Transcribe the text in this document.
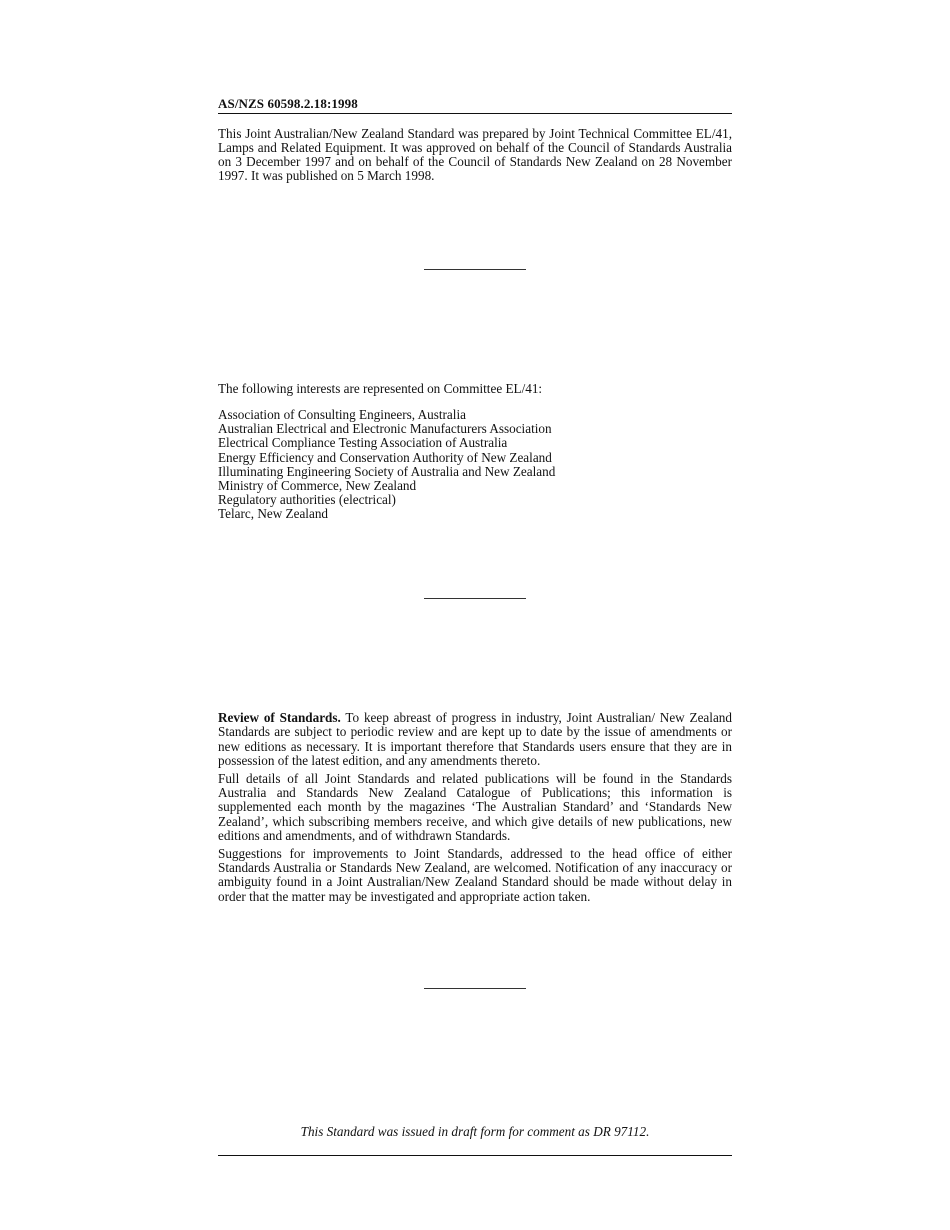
AS/NZS 60598.2.18:1998
This Joint Australian/New Zealand Standard was prepared by Joint Technical Committee EL/41, Lamps and Related Equipment. It was approved on behalf of the Council of Standards Australia on 3 December 1997 and on behalf of the Council of Standards New Zealand on 28 November 1997. It was published on 5 March 1998.
The following interests are represented on Committee EL/41:
Association of Consulting Engineers, Australia
Australian Electrical and Electronic Manufacturers Association
Electrical Compliance Testing Association of Australia
Energy Efficiency and Conservation Authority of New Zealand
Illuminating Engineering Society of Australia and New Zealand
Ministry of Commerce, New Zealand
Regulatory authorities (electrical)
Telarc, New Zealand

Review of Standards. To keep abreast of progress in industry, Joint Australian/ New Zealand Standards are subject to periodic review and are kept up to date by the issue of amendments or new editions as necessary. It is important therefore that Standards users ensure that they are in possession of the latest edition, and any amendments thereto.

Full details of all Joint Standards and related publications will be found in the Standards Australia and Standards New Zealand Catalogue of Publications; this information is supplemented each month by the magazines ‘The Australian Standard’ and ‘Standards New Zealand’, which subscribing members receive, and which give details of new publications, new editions and amendments, and of withdrawn Standards.

Suggestions for improvements to Joint Standards, addressed to the head office of either Standards Australia or Standards New Zealand, are welcomed. Notification of any inaccuracy or ambiguity found in a Joint Australian/New Zealand Standard should be made without delay in order that the matter may be investigated and appropriate action taken.

This Standard was issued in draft form for comment as DR 97112.
